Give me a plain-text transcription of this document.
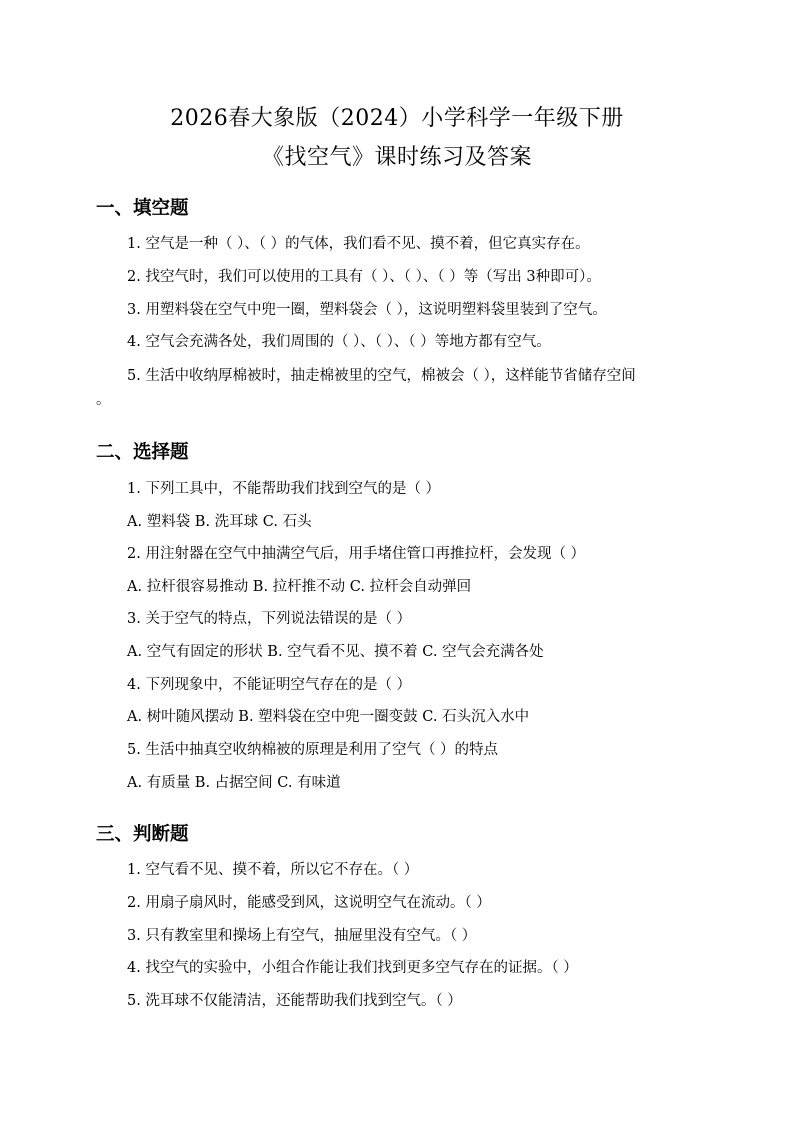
2026春大象版（2024）小学科学一年级下册
《找空气》课时练习及答案
一、填空题
1. 空气是一种（ ）、（ ）的气体，我们看不见、摸不着，但它真实存在。
2. 找空气时，我们可以使用的工具有（ ）、（ ）、（ ）等（写出 3种即可）。
3. 用塑料袋在空气中兜一圈，塑料袋会（ ），这说明塑料袋里装到了空气。
4. 空气会充满各处，我们周围的（ ）、（ ）、（ ）等地方都有空气。
5. 生活中收纳厚棉被时，抽走棉被里的空气，棉被会（ ），这样能节省储存空间
。
二、选择题
1. 下列工具中，不能帮助我们找到空气的是（ ）
A. 塑料袋 B. 洗耳球 C. 石头
2. 用注射器在空气中抽满空气后，用手堵住管口再推拉杆，会发现（ ）
A. 拉杆很容易推动 B. 拉杆推不动 C. 拉杆会自动弹回
3. 关于空气的特点，下列说法错误的是（ ）
A. 空气有固定的形状 B. 空气看不见、摸不着 C. 空气会充满各处
4. 下列现象中，不能证明空气存在的是（ ）
A. 树叶随风摆动 B. 塑料袋在空中兜一圈变鼓 C. 石头沉入水中
5. 生活中抽真空收纳棉被的原理是利用了空气（ ）的特点
A. 有质量 B. 占据空间 C. 有味道
三、判断题
1. 空气看不见、摸不着，所以它不存在。（ ）
2. 用扇子扇风时，能感受到风，这说明空气在流动。（ ）
3. 只有教室里和操场上有空气，抽屉里没有空气。（ ）
4. 找空气的实验中，小组合作能让我们找到更多空气存在的证据。（ ）
5. 洗耳球不仅能清洁，还能帮助我们找到空气。（ ）
